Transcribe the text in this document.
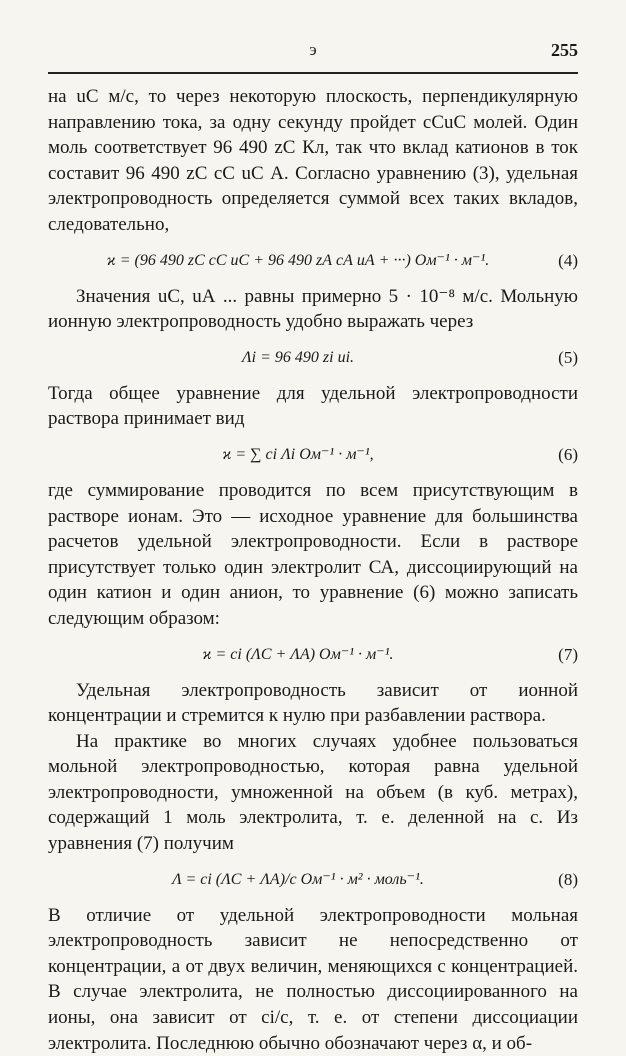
э	255

на uС м/с, то через некоторую плоскость, перпендикулярную направлению тока, за одну секунду пройдет cСuС молей. Один моль соответствует 96 490 zС Кл, так что вклад катионов в ток составит 96 490 zС cС uС А. Согласно уравнению (3), удельная электропроводность определяется суммой всех таких вкладов, следовательно,

ϰ = (96 490 zС cС uС + 96 490 zА cА uА + ···) Ом⁻¹ · м⁻¹.	(4)

Значения uС, uА ... равны примерно 5 · 10⁻⁸ м/с. Мольную ионную электропроводность удобно выражать через

Λi = 96 490 zi ui.	(5)

Тогда общее уравнение для удельной электропроводности раствора принимает вид

ϰ = ∑ ci Λi Ом⁻¹ · м⁻¹,	(6)

где суммирование проводится по всем присутствующим в растворе ионам. Это — исходное уравнение для большинства расчетов удельной электропроводности. Если в растворе присутствует только один электролит СА, диссоциирующий на один катион и один анион, то уравнение (6) можно записать следующим образом:

ϰ = ci (ΛС + ΛА) Ом⁻¹ · м⁻¹.	(7)

Удельная электропроводность зависит от ионной концентрации и стремится к нулю при разбавлении раствора.

На практике во многих случаях удобнее пользоваться мольной электропроводностью, которая равна удельной электропроводности, умноженной на объем (в куб. метрах), содержащий 1 моль электролита, т. е. деленной на c. Из уравнения (7) получим

Λ = ci (ΛС + ΛА)/c Ом⁻¹ · м² · моль⁻¹.	(8)

В отличие от удельной электропроводности мольная электропроводность зависит не непосредственно от концентрации, а от двух величин, меняющихся с концентрацией. В случае электролита, не полностью диссоциированного на ионы, она зависит от ci/c, т. е. от степени диссоциации электролита. Последнюю обычно обозначают через α, и об-
